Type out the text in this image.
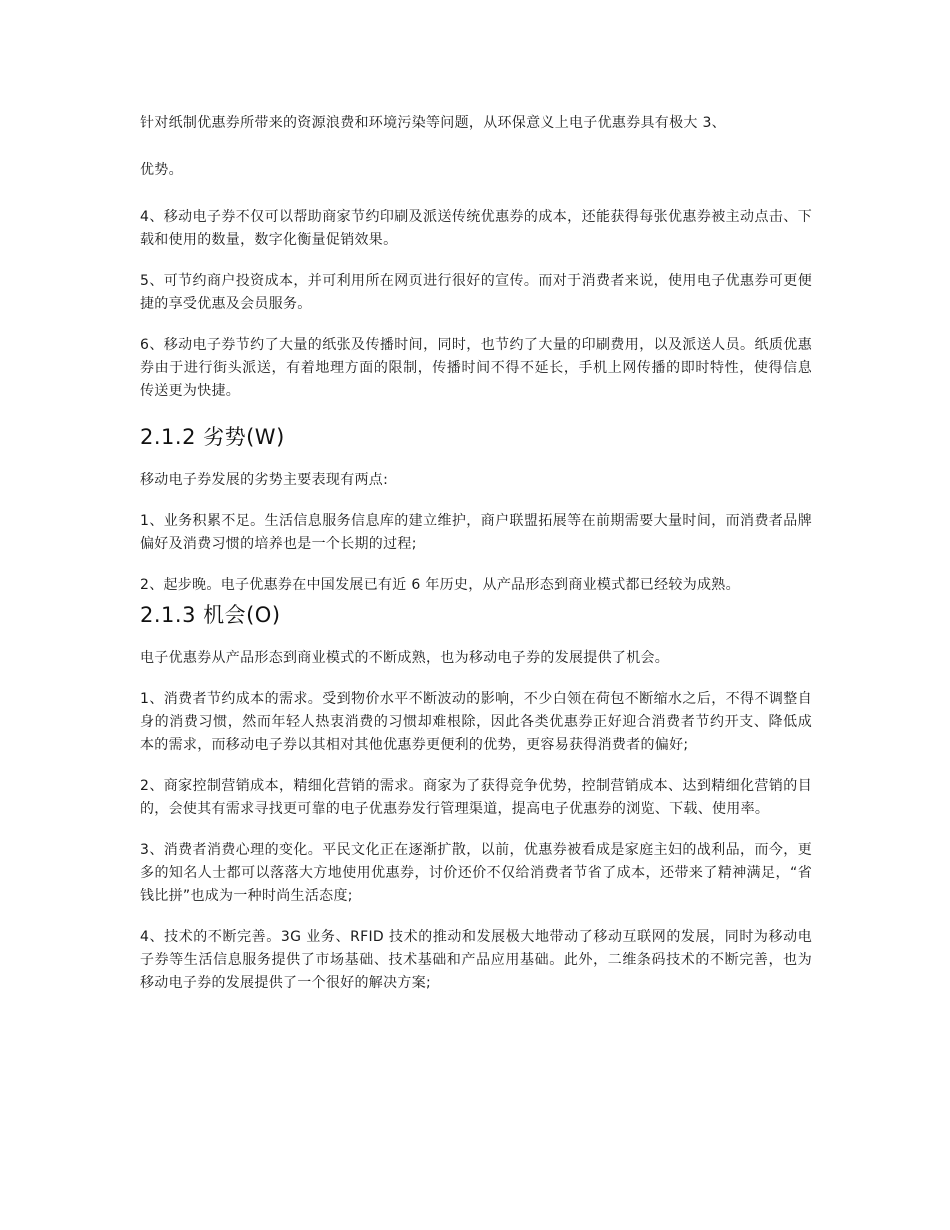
针对纸制优惠券所带来的资源浪费和环境污染等问题，从环保意义上电子优惠券具有极大 3、

优势。

4、移动电子券不仅可以帮助商家节约印刷及派送传统优惠券的成本，还能获得每张优惠券被主动点击、下载和使用的数量，数字化衡量促销效果。

5、可节约商户投资成本，并可利用所在网页进行很好的宣传。而对于消费者来说，使用电子优惠券可更便捷的享受优惠及会员服务。

6、移动电子券节约了大量的纸张及传播时间，同时，也节约了大量的印刷费用，以及派送人员。纸质优惠券由于进行街头派送，有着地理方面的限制，传播时间不得不延长，手机上网传播的即时特性，使得信息传送更为快捷。

2.1.2 劣势(W)

移动电子券发展的劣势主要表现有两点:

1、业务积累不足。生活信息服务信息库的建立维护，商户联盟拓展等在前期需要大量时间，而消费者品牌偏好及消费习惯的培养也是一个长期的过程;

2、起步晚。电子优惠券在中国发展已有近 6 年历史，从产品形态到商业模式都已经较为成熟。

2.1.3 机会(O)

电子优惠券从产品形态到商业模式的不断成熟，也为移动电子券的发展提供了机会。

1、消费者节约成本的需求。受到物价水平不断波动的影响，不少白领在荷包不断缩水之后，不得不调整自身的消费习惯，然而年轻人热衷消费的习惯却难根除，因此各类优惠券正好迎合消费者节约开支、降低成本的需求，而移动电子券以其相对其他优惠券更便利的优势，更容易获得消费者的偏好;

2、商家控制营销成本，精细化营销的需求。商家为了获得竞争优势，控制营销成本、达到精细化营销的目的，会使其有需求寻找更可靠的电子优惠券发行管理渠道，提高电子优惠券的浏览、下载、使用率。

3、消费者消费心理的变化。平民文化正在逐渐扩散，以前，优惠券被看成是家庭主妇的战利品，而今，更多的知名人士都可以落落大方地使用优惠券，讨价还价不仅给消费者节省了成本，还带来了精神满足，“省钱比拼”也成为一种时尚生活态度;

4、技术的不断完善。3G 业务、RFID 技术的推动和发展极大地带动了移动互联网的发展，同时为移动电子券等生活信息服务提供了市场基础、技术基础和产品应用基础。此外，二维条码技术的不断完善，也为移动电子券的发展提供了一个很好的解决方案;
